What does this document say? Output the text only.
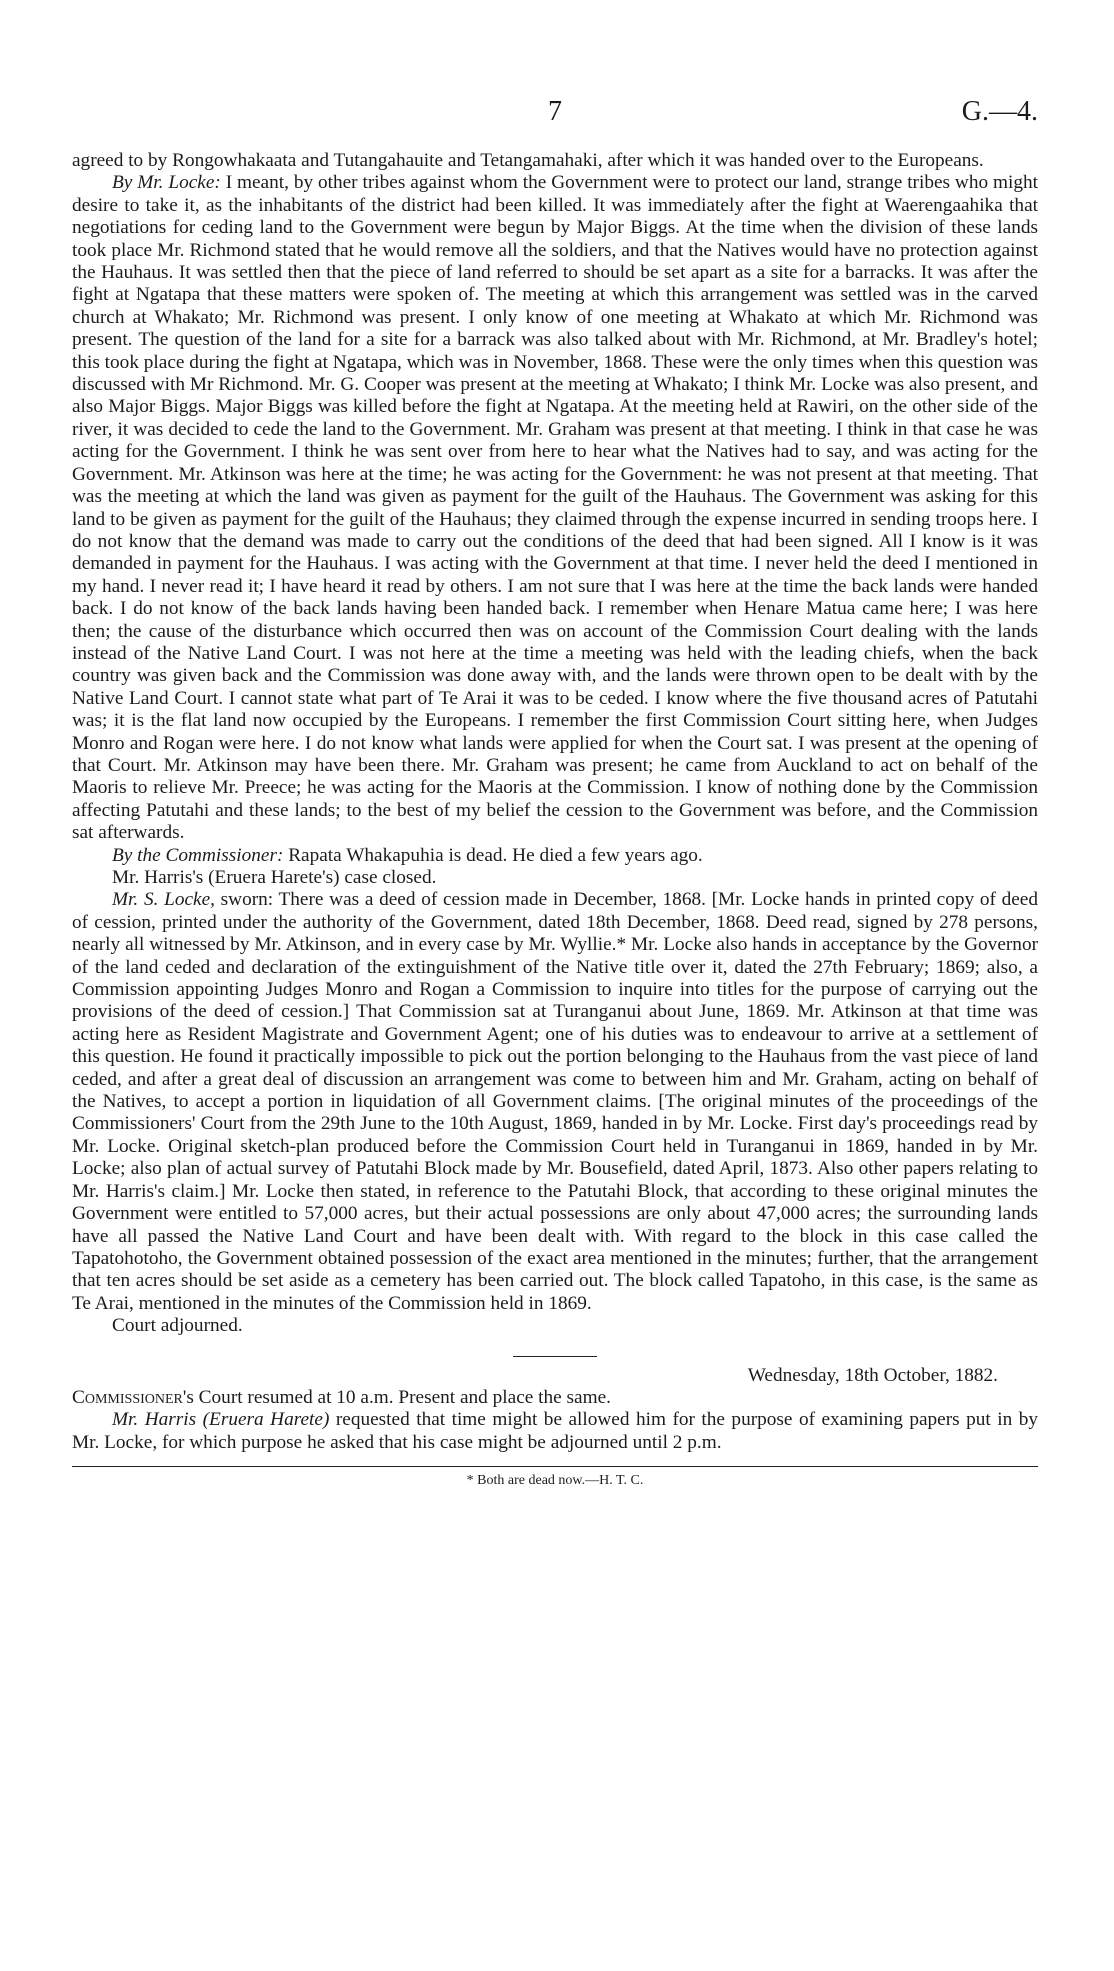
7	G.—4.

agreed to by Rongowhakaata and Tutangahauite and Tetangamahaki, after which it was handed over to the Europeans.

By Mr. Locke: I meant, by other tribes against whom the Government were to protect our land, strange tribes who might desire to take it, as the inhabitants of the district had been killed. It was immediately after the fight at Waerengaahika that negotiations for ceding land to the Government were begun by Major Biggs. At the time when the division of these lands took place Mr. Richmond stated that he would remove all the soldiers, and that the Natives would have no protection against the Hauhaus. It was settled then that the piece of land referred to should be set apart as a site for a barracks. It was after the fight at Ngatapa that these matters were spoken of. The meeting at which this arrangement was settled was in the carved church at Whakato; Mr. Richmond was present. I only know of one meeting at Whakato at which Mr. Richmond was present. The question of the land for a site for a barrack was also talked about with Mr. Richmond, at Mr. Bradley's hotel; this took place during the fight at Ngatapa, which was in November, 1868. These were the only times when this question was discussed with Mr Richmond. Mr. G. Cooper was present at the meeting at Whakato; I think Mr. Locke was also present, and also Major Biggs. Major Biggs was killed before the fight at Ngatapa. At the meeting held at Rawiri, on the other side of the river, it was decided to cede the land to the Government. Mr. Graham was present at that meeting. I think in that case he was acting for the Government. I think he was sent over from here to hear what the Natives had to say, and was acting for the Government. Mr. Atkinson was here at the time; he was acting for the Government: he was not present at that meeting. That was the meeting at which the land was given as payment for the guilt of the Hauhaus. The Government was asking for this land to be given as payment for the guilt of the Hauhaus; they claimed through the expense incurred in sending troops here. I do not know that the demand was made to carry out the conditions of the deed that had been signed. All I know is it was demanded in payment for the Hauhaus. I was acting with the Government at that time. I never held the deed I mentioned in my hand. I never read it; I have heard it read by others. I am not sure that I was here at the time the back lands were handed back. I do not know of the back lands having been handed back. I remember when Henare Matua came here; I was here then; the cause of the disturbance which occurred then was on account of the Commission Court dealing with the lands instead of the Native Land Court. I was not here at the time a meeting was held with the leading chiefs, when the back country was given back and the Commission was done away with, and the lands were thrown open to be dealt with by the Native Land Court. I cannot state what part of Te Arai it was to be ceded. I know where the five thousand acres of Patutahi was; it is the flat land now occupied by the Europeans. I remember the first Commission Court sitting here, when Judges Monro and Rogan were here. I do not know what lands were applied for when the Court sat. I was present at the opening of that Court. Mr. Atkinson may have been there. Mr. Graham was present; he came from Auckland to act on behalf of the Maoris to relieve Mr. Preece; he was acting for the Maoris at the Commission. I know of nothing done by the Commission affecting Patutahi and these lands; to the best of my belief the cession to the Government was before, and the Commission sat afterwards.

By the Commissioner: Rapata Whakapuhia is dead. He died a few years ago.

Mr. Harris's (Eruera Harete's) case closed.

Mr. S. Locke, sworn: There was a deed of cession made in December, 1868. [Mr. Locke hands in printed copy of deed of cession, printed under the authority of the Government, dated 18th December, 1868. Deed read, signed by 278 persons, nearly all witnessed by Mr. Atkinson, and in every case by Mr. Wyllie.* Mr. Locke also hands in acceptance by the Governor of the land ceded and declaration of the extinguishment of the Native title over it, dated the 27th February; 1869; also, a Commission appointing Judges Monro and Rogan a Commission to inquire into titles for the purpose of carrying out the provisions of the deed of cession.] That Commission sat at Turanganui about June, 1869. Mr. Atkinson at that time was acting here as Resident Magistrate and Government Agent; one of his duties was to endeavour to arrive at a settlement of this question. He found it practically impossible to pick out the portion belonging to the Hauhaus from the vast piece of land ceded, and after a great deal of discussion an arrangement was come to between him and Mr. Graham, acting on behalf of the Natives, to accept a portion in liquidation of all Government claims. [The original minutes of the proceedings of the Commissioners' Court from the 29th June to the 10th August, 1869, handed in by Mr. Locke. First day's proceedings read by Mr. Locke. Original sketch-plan produced before the Commission Court held in Turanganui in 1869, handed in by Mr. Locke; also plan of actual survey of Patutahi Block made by Mr. Bousefield, dated April, 1873. Also other papers relating to Mr. Harris's claim.] Mr. Locke then stated, in reference to the Patutahi Block, that according to these original minutes the Government were entitled to 57,000 acres, but their actual possessions are only about 47,000 acres; the surrounding lands have all passed the Native Land Court and have been dealt with. With regard to the block in this case called the Tapatohotoho, the Government obtained possession of the exact area mentioned in the minutes; further, that the arrangement that ten acres should be set aside as a cemetery has been carried out. The block called Tapatoho, in this case, is the same as Te Arai, mentioned in the minutes of the Commission held in 1869.

Court adjourned.

Wednesday, 18th October, 1882.

Commissioner's Court resumed at 10 a.m. Present and place the same.

Mr. Harris (Eruera Harete) requested that time might be allowed him for the purpose of examining papers put in by Mr. Locke, for which purpose he asked that his case might be adjourned until 2 p.m.

* Both are dead now.—H. T. C.
